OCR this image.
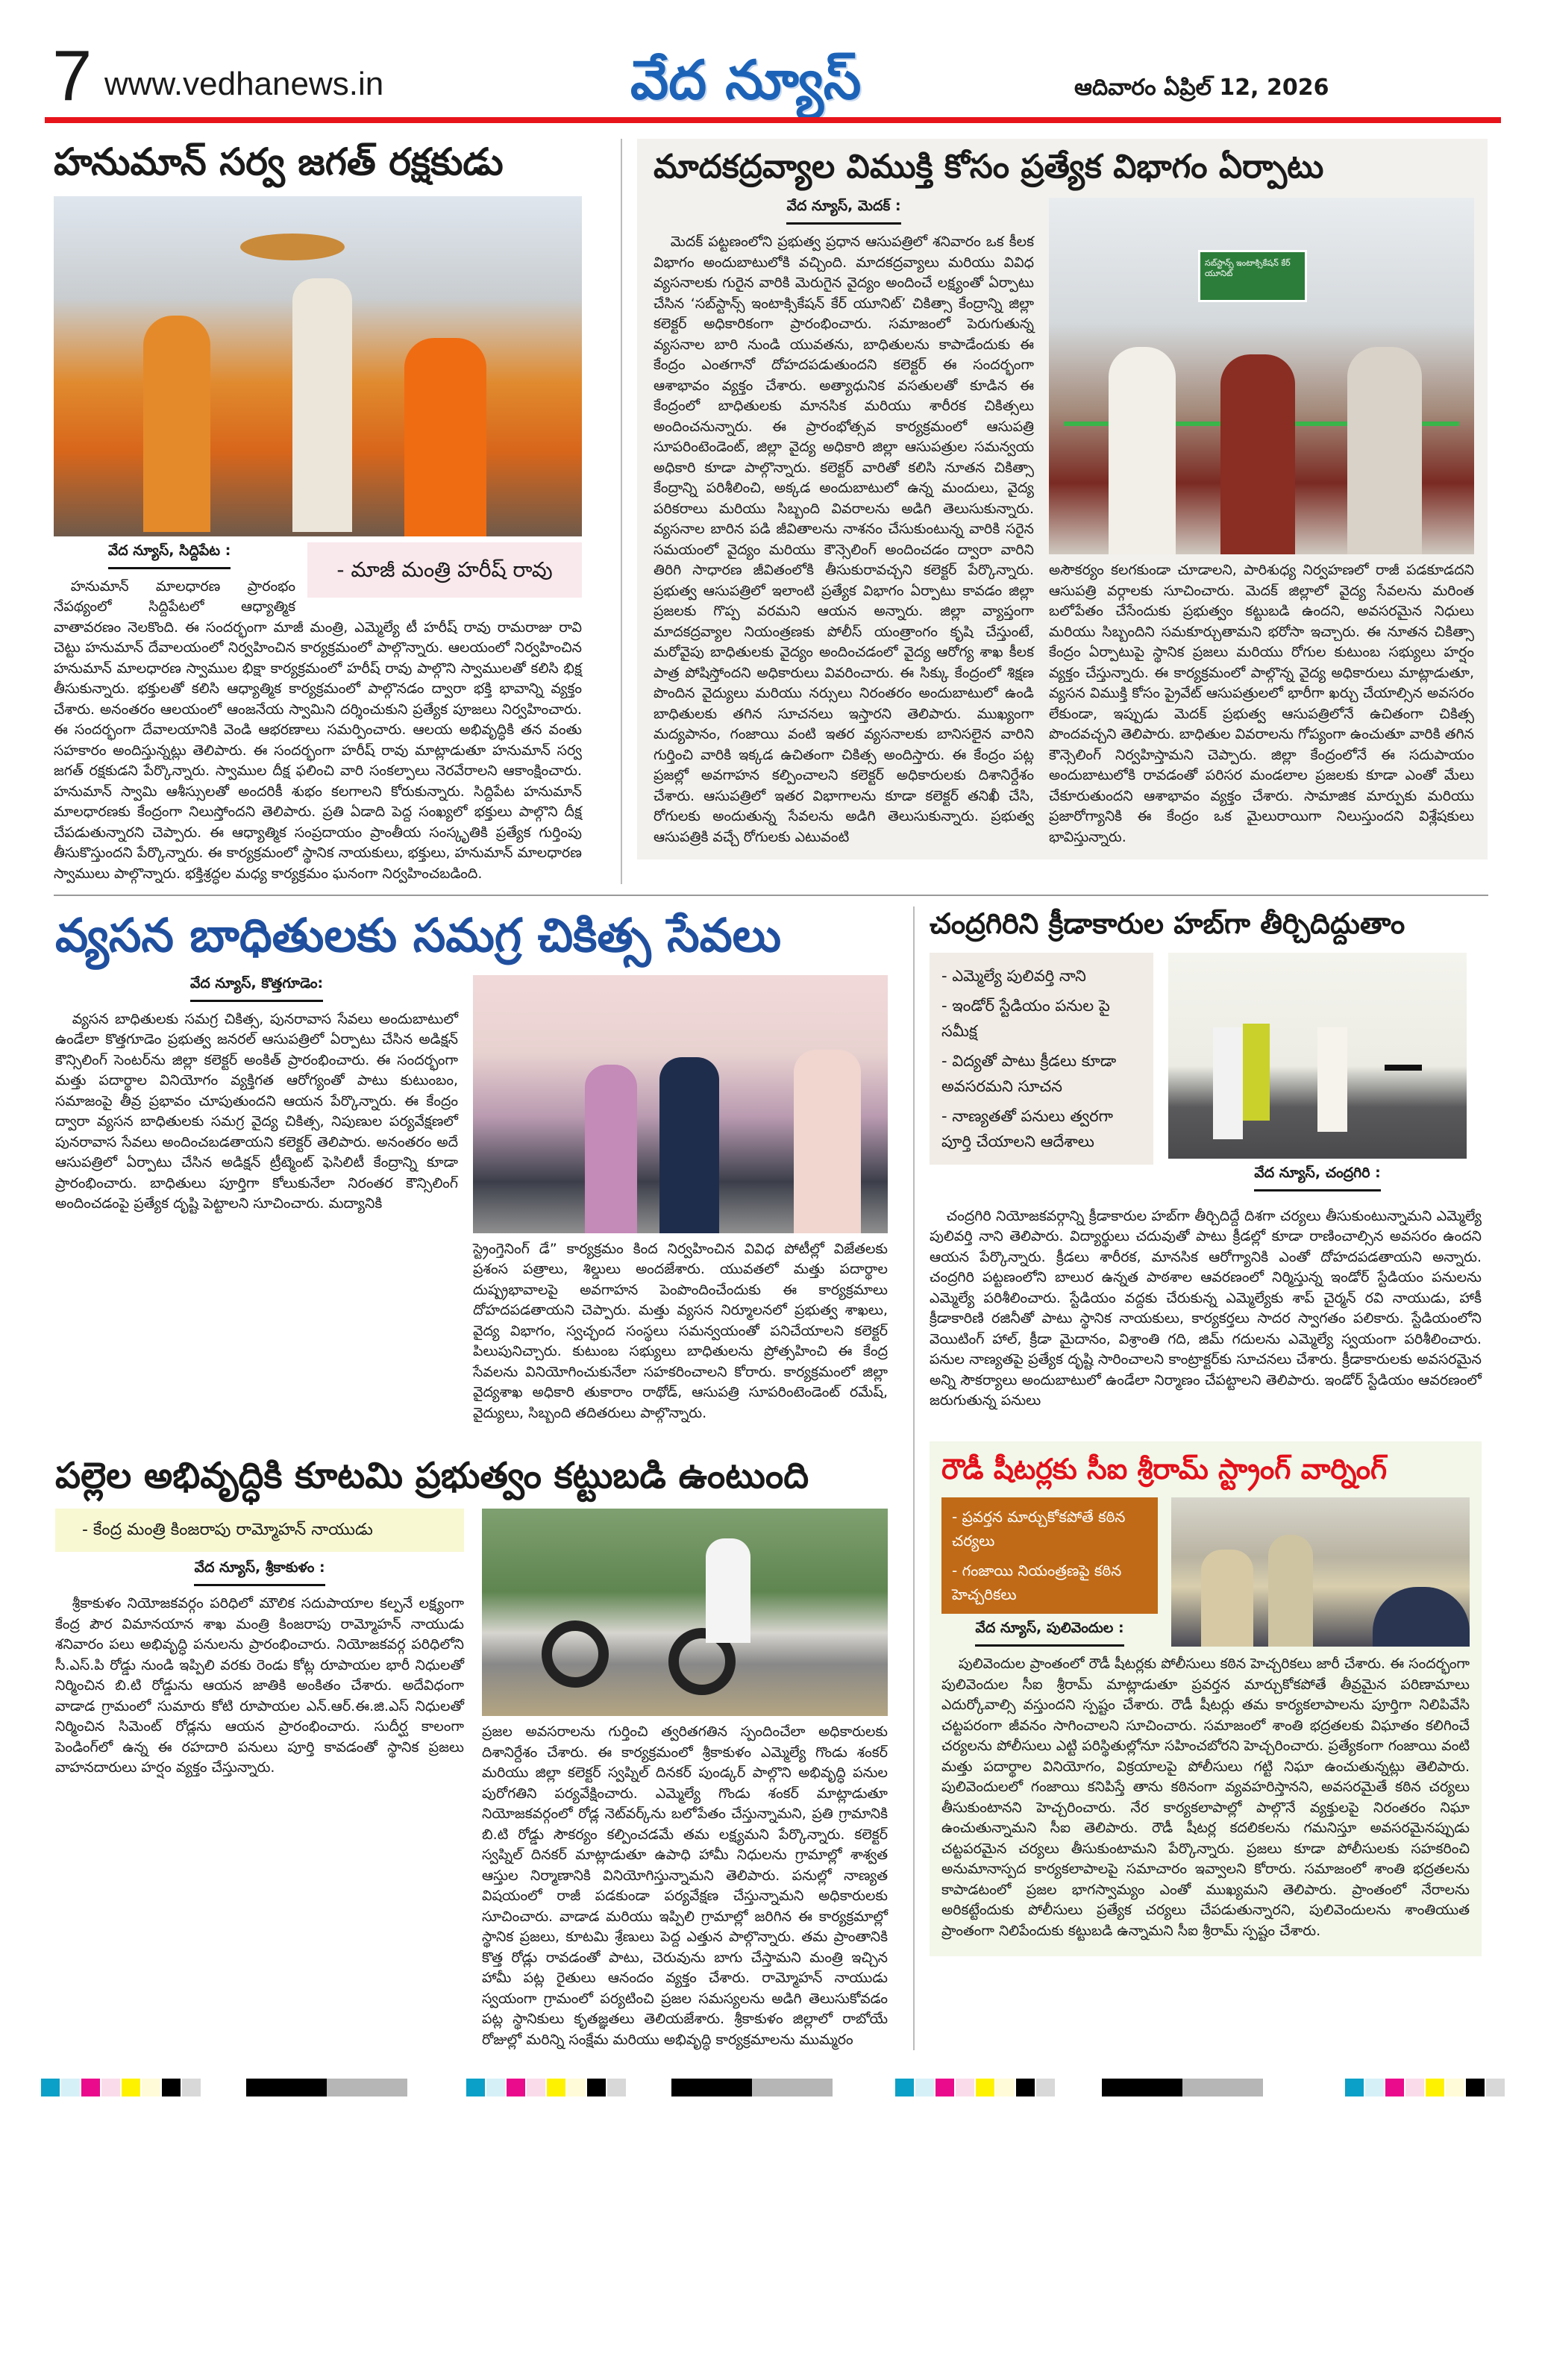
7 www.vedhanews.in	వేద న్యూస్	ఆదివారం ఏప్రిల్ 12, 2026
హనుమాన్ సర్వ జగత్ రక్షకుడు
- మాజీ మంత్రి హరీష్ రావు
వేద న్యూస్, సిద్దిపేట :

హనుమాన్ మాలధారణ ప్రారంభం నేపథ్యంలో సిద్దిపేటలో ఆధ్యాత్మిక వాతావరణం నెలకొంది. ఈ సందర్భంగా మాజీ మంత్రి, ఎమ్మెల్యే టీ హరీష్ రావు రామరాజు రావి చెట్టు హనుమాన్ దేవాలయంలో నిర్వహించిన కార్యక్రమంలో పాల్గొన్నారు. ఆలయంలో నిర్వహించిన హనుమాన్ మాలధారణ స్వాముల భిక్షా కార్యక్రమంలో హరీష్ రావు పాల్గొని స్వాములతో కలిసి భిక్ష తీసుకున్నారు. భక్తులతో కలిసి ఆధ్యాత్మిక కార్యక్రమంలో పాల్గొనడం ద్వారా భక్తి భావాన్ని వ్యక్తం చేశారు. అనంతరం ఆలయంలో ఆంజనేయ స్వామిని దర్శించుకుని ప్రత్యేక పూజలు నిర్వహించారు. ఈ సందర్భంగా దేవాలయానికి వెండి ఆభరణాలు సమర్పించారు. ఆలయ అభివృద్ధికి తన వంతు సహకారం అందిస్తున్నట్లు తెలిపారు. ఈ సందర్భంగా హరీష్ రావు మాట్లాడుతూ హనుమాన్ సర్వ జగత్ రక్షకుడని పేర్కొన్నారు. స్వాముల దీక్ష ఫలించి వారి సంకల్పాలు నెరవేరాలని ఆకాంక్షించారు. హనుమాన్ స్వామి ఆశీస్సులతో అందరికీ శుభం కలగాలని కోరుకున్నారు. సిద్దిపేట హనుమాన్ మాలధారణకు కేంద్రంగా నిలుస్తోందని తెలిపారు. ప్రతి ఏడాది పెద్ద సంఖ్యలో భక్తులు పాల్గొని దీక్ష చేపడుతున్నారని చెప్పారు. ఈ ఆధ్యాత్మిక సంప్రదాయం ప్రాంతీయ సంస్కృతికి ప్రత్యేక గుర్తింపు తీసుకొస్తుందని పేర్కొన్నారు. ఈ కార్యక్రమంలో స్థానిక నాయకులు, భక్తులు, హనుమాన్ మాలధారణ స్వాములు పాల్గొన్నారు. భక్తిశ్రద్ధల మధ్య కార్యక్రమం ఘనంగా నిర్వహించబడింది.

మాదకద్రవ్యాల విముక్తి కోసం ప్రత్యేక విభాగం ఏర్పాటు
వేద న్యూస్, మెదక్ :

మెదక్ పట్టణంలోని ప్రభుత్వ ప్రధాన ఆసుపత్రిలో శనివారం ఒక కీలక విభాగం అందుబాటులోకి వచ్చింది. మాదకద్రవ్యాలు మరియు వివిధ వ్యసనాలకు గురైన వారికి మెరుగైన వైద్యం అందించే లక్ష్యంతో ఏర్పాటు చేసిన ‘సబ్‌స్టాన్స్ ఇంటాక్సికేషన్ కేర్ యూనిట్’ చికిత్సా కేంద్రాన్ని జిల్లా కలెక్టర్ అధికారికంగా ప్రారంభించారు. సమాజంలో పెరుగుతున్న వ్యసనాల బారి నుండి యువతను, బాధితులను కాపాడేందుకు ఈ కేంద్రం ఎంతగానో దోహదపడుతుందని కలెక్టర్ ఈ సందర్భంగా ఆశాభావం వ్యక్తం చేశారు. అత్యాధునిక వసతులతో కూడిన ఈ కేంద్రంలో బాధితులకు మానసిక మరియు శారీరక చికిత్సలు అందించనున్నారు. ఈ ప్రారంభోత్సవ కార్యక్రమంలో ఆసుపత్రి సూపరింటెండెంట్, జిల్లా వైద్య అధికారి జిల్లా ఆసుపత్రుల సమన్వయ అధికారి కూడా పాల్గొన్నారు. కలెక్టర్ వారితో కలిసి నూతన చికిత్సా కేంద్రాన్ని పరిశీలించి, అక్కడ అందుబాటులో ఉన్న మందులు, వైద్య పరికరాలు మరియు సిబ్బంది వివరాలను అడిగి తెలుసుకున్నారు. వ్యసనాల బారిన పడి జీవితాలను నాశనం చేసుకుంటున్న వారికి సరైన సమయంలో వైద్యం మరియు కౌన్సెలింగ్ అందించడం ద్వారా వారిని తిరిగి సాధారణ జీవితంలోకి తీసుకురావచ్చని కలెక్టర్ పేర్కొన్నారు. ప్రభుత్వ ఆసుపత్రిలో ఇలాంటి ప్రత్యేక విభాగం ఏర్పాటు కావడం జిల్లా ప్రజలకు గొప్ప వరమని ఆయన అన్నారు. జిల్లా వ్యాప్తంగా మాదకద్రవ్యాల నియంత్రణకు పోలీస్ యంత్రాంగం కృషి చేస్తుంటే, మరోవైపు బాధితులకు వైద్యం అందించడంలో వైద్య ఆరోగ్య శాఖ కీలక పాత్ర పోషిస్తోందని అధికారులు వివరించారు. ఈ సిక్కు కేంద్రంలో శిక్షణ పొందిన వైద్యులు మరియు నర్సులు నిరంతరం అందుబాటులో ఉండి బాధితులకు తగిన సూచనలు ఇస్తారని తెలిపారు. ముఖ్యంగా మద్యపానం, గంజాయి వంటి ఇతర వ్యసనాలకు బానిసలైన వారిని గుర్తించి వారికి ఇక్కడ ఉచితంగా చికిత్స అందిస్తారు. ఈ కేంద్రం పట్ల ప్రజల్లో అవగాహన కల్పించాలని కలెక్టర్ అధికారులకు దిశానిర్దేశం చేశారు. ఆసుపత్రిలో ఇతర విభాగాలను కూడా కలెక్టర్ తనిఖీ చేసి, రోగులకు అందుతున్న సేవలను అడిగి తెలుసుకున్నారు. ప్రభుత్వ ఆసుపత్రికి వచ్చే రోగులకు ఎటువంటి

సబ్‌స్టాన్స్ ఇంటాక్సికేషన్ కేర్ యూనిట్

అసౌకర్యం కలగకుండా చూడాలని, పారిశుధ్య నిర్వహణలో రాజీ పడకూడదని ఆసుపత్రి వర్గాలకు సూచించారు. మెదక్ జిల్లాలో వైద్య సేవలను మరింత బలోపేతం చేసేందుకు ప్రభుత్వం కట్టుబడి ఉందని, అవసరమైన నిధులు మరియు సిబ్బందిని సమకూర్చుతామని భరోసా ఇచ్చారు. ఈ నూతన చికిత్సా కేంద్రం ఏర్పాటుపై స్థానిక ప్రజలు మరియు రోగుల కుటుంబ సభ్యులు హర్షం వ్యక్తం చేస్తున్నారు. ఈ కార్యక్రమంలో పాల్గొన్న వైద్య అధికారులు మాట్లాడుతూ, వ్యసన విముక్తి కోసం ప్రైవేట్ ఆసుపత్రులలో భారీగా ఖర్చు చేయాల్సిన అవసరం లేకుండా, ఇప్పుడు మెదక్ ప్రభుత్వ ఆసుపత్రిలోనే ఉచితంగా చికిత్స పొందవచ్చని తెలిపారు. బాధితుల వివరాలను గోప్యంగా ఉంచుతూ వారికి తగిన కౌన్సెలింగ్ నిర్వహిస్తామని చెప్పారు. జిల్లా కేంద్రంలోనే ఈ సదుపాయం అందుబాటులోకి రావడంతో పరిసర మండలాల ప్రజలకు కూడా ఎంతో మేలు చేకూరుతుందని ఆశాభావం వ్యక్తం చేశారు. సామాజిక మార్పుకు మరియు ప్రజారోగ్యానికి ఈ కేంద్రం ఒక మైలురాయిగా నిలుస్తుందని విశ్లేషకులు భావిస్తున్నారు.

వ్యసన బాధితులకు సమగ్ర చికిత్స సేవలు
వేద న్యూస్, కొత్తగూడెం:

వ్యసన బాధితులకు సమగ్ర చికిత్స, పునరావాస సేవలు అందుబాటులో ఉండేలా కొత్తగూడెం ప్రభుత్వ జనరల్ ఆసుపత్రిలో ఏర్పాటు చేసిన అడిక్షన్ కౌన్సిలింగ్ సెంటర్‌ను జిల్లా కలెక్టర్ అంకిత్ ప్రారంభించారు. ఈ సందర్భంగా మత్తు పదార్థాల వినియోగం వ్యక్తిగత ఆరోగ్యంతో పాటు కుటుంబం, సమాజంపై తీవ్ర ప్రభావం చూపుతుందని ఆయన పేర్కొన్నారు. ఈ కేంద్రం ద్వారా వ్యసన బాధితులకు సమగ్ర వైద్య చికిత్స, నిపుణుల పర్యవేక్షణలో పునరావాస సేవలు అందించబడతాయని కలెక్టర్ తెలిపారు. అనంతరం అదే ఆసుపత్రిలో ఏర్పాటు చేసిన అడిక్షన్ ట్రీట్మెంట్ ఫెసిలిటీ కేంద్రాన్ని కూడా ప్రారంభించారు. బాధితులు పూర్తిగా కోలుకునేలా నిరంతర కౌన్సిలింగ్ అందించడంపై ప్రత్యేక దృష్టి పెట్టాలని సూచించారు. మద్యానికి

స్ట్రెంగ్తెనింగ్ డే” కార్యక్రమం కింద నిర్వహించిన వివిధ పోటీల్లో విజేతలకు ప్రశంస పత్రాలు, శిల్డులు అందజేశారు. యువతలో మత్తు పదార్థాల దుష్ప్రభావాలపై అవగాహన పెంపొందించేందుకు ఈ కార్యక్రమాలు దోహదపడతాయని చెప్పారు. మత్తు వ్యసన నిర్మూలనలో ప్రభుత్వ శాఖలు, వైద్య విభాగం, స్వచ్ఛంద సంస్థలు సమన్వయంతో పనిచేయాలని కలెక్టర్ పిలుపునిచ్చారు. కుటుంబ సభ్యులు బాధితులను ప్రోత్సహించి ఈ కేంద్ర సేవలను వినియోగించుకునేలా సహకరించాలని కోరారు. కార్యక్రమంలో జిల్లా వైద్యశాఖ అధికారి తుకారాం రాథోడ్, ఆసుపత్రి సూపరింటెండెంట్ రమేష్, వైద్యులు, సిబ్బంది తదితరులు పాల్గొన్నారు.

పల్లెల అభివృద్ధికి కూటమి ప్రభుత్వం కట్టుబడి ఉంటుంది
- కేంద్ర మంత్రి కింజరాపు రామ్మోహన్ నాయుడు
వేద న్యూస్, శ్రీకాకుళం :

శ్రీకాకుళం నియోజకవర్గం పరిధిలో మౌలిక సదుపాయాల కల్పనే లక్ష్యంగా కేంద్ర పౌర విమానయాన శాఖ మంత్రి కింజరాపు రామ్మోహన్ నాయుడు శనివారం పలు అభివృద్ధి పనులను ప్రారంభించారు. నియోజకవర్గ పరిధిలోని సీ.ఎస్.పి రోడ్డు నుండి ఇప్పిలి వరకు రెండు కోట్ల రూపాయల భారీ నిధులతో నిర్మించిన బి.టి రోడ్డును ఆయన జాతికి అంకితం చేశారు. అదేవిధంగా వాడాడ గ్రామంలో సుమారు కోటి రూపాయల ఎన్.ఆర్.ఈ.జి.ఎస్ నిధులతో నిర్మించిన సిమెంట్ రోడ్లను ఆయన ప్రారంభించారు. సుదీర్ఘ కాలంగా పెండింగ్‌లో ఉన్న ఈ రహదారి పనులు పూర్తి కావడంతో స్థానిక ప్రజలు వాహనదారులు హర్షం వ్యక్తం చేస్తున్నారు.

ప్రజల అవసరాలను గుర్తించి త్వరితగతిన స్పందించేలా అధికారులకు దిశానిర్దేశం చేశారు. ఈ కార్యక్రమంలో శ్రీకాకుళం ఎమ్మెల్యే గొండు శంకర్ మరియు జిల్లా కలెక్టర్ స్వప్నిల్ దినకర్ పుండ్కర్ పాల్గొని అభివృద్ధి పనుల పురోగతిని పర్యవేక్షించారు. ఎమ్మెల్యే గొండు శంకర్ మాట్లాడుతూ నియోజకవర్గంలో రోడ్ల నెట్‌వర్క్‌ను బలోపేతం చేస్తున్నామని, ప్రతి గ్రామానికి బి.టి రోడ్డు సౌకర్యం కల్పించడమే తమ లక్ష్యమని పేర్కొన్నారు. కలెక్టర్ స్వప్నిల్ దినకర్ మాట్లాడుతూ ఉపాధి హామీ నిధులను గ్రామాల్లో శాశ్వత ఆస్తుల నిర్మాణానికి వినియోగిస్తున్నామని తెలిపారు. పనుల్లో నాణ్యత విషయంలో రాజీ పడకుండా పర్యవేక్షణ చేస్తున్నామని అధికారులకు సూచించారు. వాడాడ మరియు ఇప్పిలి గ్రామాల్లో జరిగిన ఈ కార్యక్రమాల్లో స్థానిక ప్రజలు, కూటమి శ్రేణులు పెద్ద ఎత్తున పాల్గొన్నారు. తమ ప్రాంతానికి కొత్త రోడ్లు రావడంతో పాటు, చెరువును బాగు చేస్తామని మంత్రి ఇచ్చిన హామీ పట్ల రైతులు ఆనందం వ్యక్తం చేశారు. రామ్మోహన్ నాయుడు స్వయంగా గ్రామంలో పర్యటించి ప్రజల సమస్యలను అడిగి తెలుసుకోవడం పట్ల స్థానికులు కృతజ్ఞతలు తెలియజేశారు. శ్రీకాకుళం జిల్లాలో రాబోయే రోజుల్లో మరిన్ని సంక్షేమ మరియు అభివృద్ధి కార్యక్రమాలను ముమ్మరం

చంద్రగిరిని క్రీడాకారుల హబ్‌గా తీర్చిదిద్దుతాం
- ఎమ్మెల్యే పులివర్తి నాని
- ఇండోర్ స్టేడియం పనుల పై సమీక్ష
- విద్యతో పాటు క్రీడలు కూడా అవసరమని సూచన
- నాణ్యతతో పనులు త్వరగా పూర్తి చేయాలని ఆదేశాలు
వేద న్యూస్, చంద్రగిరి :

చంద్రగిరి నియోజకవర్గాన్ని క్రీడాకారుల హబ్‌గా తీర్చిదిద్దే దిశగా చర్యలు తీసుకుంటున్నామని ఎమ్మెల్యే పులివర్తి నాని తెలిపారు. విద్యార్థులు చదువుతో పాటు క్రీడల్లో కూడా రాణించాల్సిన అవసరం ఉందని ఆయన పేర్కొన్నారు. క్రీడలు శారీరక, మానసిక ఆరోగ్యానికి ఎంతో దోహదపడతాయని అన్నారు. చంద్రగిరి పట్టణంలోని బాలుర ఉన్నత పాఠశాల ఆవరణంలో నిర్మిస్తున్న ఇండోర్ స్టేడియం పనులను ఎమ్మెల్యే పరిశీలించారు. స్టేడియం వద్దకు చేరుకున్న ఎమ్మెల్యేకు శాప్ చైర్మన్ రవి నాయుడు, హాకీ క్రీడాకారిణి రజినీతో పాటు స్థానిక నాయకులు, కార్యకర్తలు సాదర స్వాగతం పలికారు. స్టేడియంలోని వెయిటింగ్ హాల్, క్రీడా మైదానం, విశ్రాంతి గది, జిమ్ గదులను ఎమ్మెల్యే స్వయంగా పరిశీలించారు. పనుల నాణ్యతపై ప్రత్యేక దృష్టి సారించాలని కాంట్రాక్టర్‌కు సూచనలు చేశారు. క్రీడాకారులకు అవసరమైన అన్ని సౌకర్యాలు అందుబాటులో ఉండేలా నిర్మాణం చేపట్టాలని తెలిపారు. ఇండోర్ స్టేడియం ఆవరణంలో జరుగుతున్న పనులు

రౌడీ షీటర్లకు సీఐ శ్రీరామ్ స్ట్రాంగ్ వార్నింగ్
- ప్రవర్తన మార్చుకోకపోతే కఠిన చర్యలు
- గంజాయి నియంత్రణపై కఠిన హెచ్చరికలు
వేద న్యూస్, పులివెందుల :

పులివెందుల ప్రాంతంలో రౌడీ షీటర్లకు పోలీసులు కఠిన హెచ్చరికలు జారీ చేశారు. ఈ సందర్భంగా పులివెందుల సీఐ శ్రీరామ్ మాట్లాడుతూ ప్రవర్తన మార్చుకోకపోతే తీవ్రమైన పరిణామాలు ఎదుర్కోవాల్సి వస్తుందని స్పష్టం చేశారు. రౌడీ షీటర్లు తమ కార్యకలాపాలను పూర్తిగా నిలిపివేసి చట్టపరంగా జీవనం సాగించాలని సూచించారు. సమాజంలో శాంతి భద్రతలకు విఘాతం కలిగించే చర్యలను పోలీసులు ఎట్టి పరిస్థితుల్లోనూ సహించబోరని హెచ్చరించారు. ప్రత్యేకంగా గంజాయి వంటి మత్తు పదార్థాల వినియోగం, విక్రయాలపై పోలీసులు గట్టి నిఘా ఉంచుతున్నట్లు తెలిపారు. పులివెందులలో గంజాయి కనిపిస్తే తాను కఠినంగా వ్యవహరిస్తానని, అవసరమైతే కఠిన చర్యలు తీసుకుంటానని హెచ్చరించారు. నేర కార్యకలాపాల్లో పాల్గొనే వ్యక్తులపై నిరంతరం నిఘా ఉంచుతున్నామని సీఐ తెలిపారు. రౌడీ షీటర్ల కదలికలను గమనిస్తూ అవసరమైనప్పుడు చట్టపరమైన చర్యలు తీసుకుంటామని పేర్కొన్నారు. ప్రజలు కూడా పోలీసులకు సహకరించి అనుమానాస్పద కార్యకలాపాలపై సమాచారం ఇవ్వాలని కోరారు. సమాజంలో శాంతి భద్రతలను కాపాడటంలో ప్రజల భాగస్వామ్యం ఎంతో ముఖ్యమని తెలిపారు. ప్రాంతంలో నేరాలను అరికట్టేందుకు పోలీసులు ప్రత్యేక చర్యలు చేపడుతున్నారని, పులివెందులను శాంతియుత ప్రాంతంగా నిలిపేందుకు కట్టుబడి ఉన్నామని సీఐ శ్రీరామ్ స్పష్టం చేశారు.
